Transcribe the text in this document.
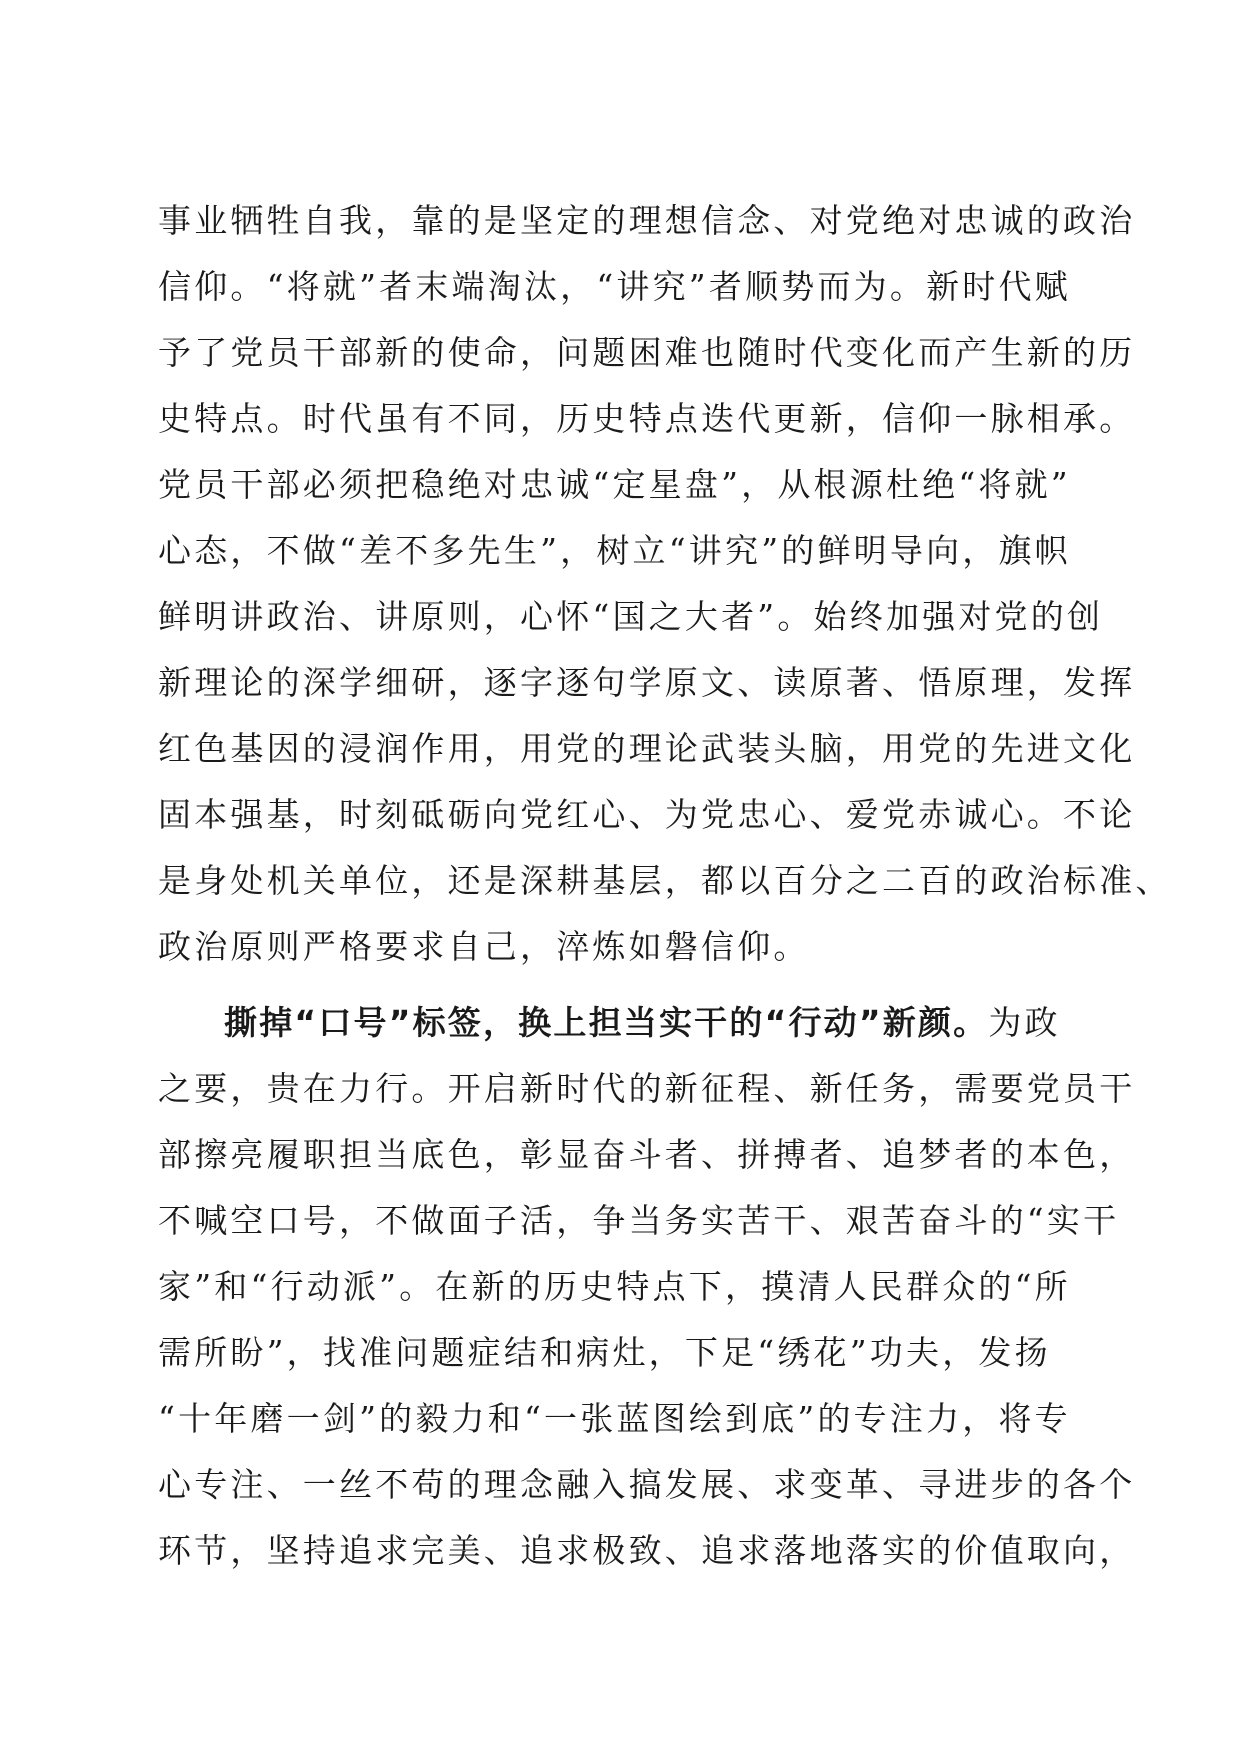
事业牺牲自我，靠的是坚定的理想信念、对党绝对忠诚的政治
信仰。“将就”者末端淘汰，“讲究”者顺势而为。新时代赋
予了党员干部新的使命，问题困难也随时代变化而产生新的历
史特点。时代虽有不同，历史特点迭代更新，信仰一脉相承。
党员干部必须把稳绝对忠诚“定星盘”，从根源杜绝“将就”
心态，不做“差不多先生”，树立“讲究”的鲜明导向，旗帜
鲜明讲政治、讲原则，心怀“国之大者”。始终加强对党的创
新理论的深学细研，逐字逐句学原文、读原著、悟原理，发挥
红色基因的浸润作用，用党的理论武装头脑，用党的先进文化
固本强基，时刻砥砺向党红心、为党忠心、爱党赤诚心。不论
是身处机关单位，还是深耕基层，都以百分之二百的政治标准、
政治原则严格要求自己，淬炼如磐信仰。
撕掉“口号”标签，换上担当实干的“行动”新颜。为政
之要，贵在力行。开启新时代的新征程、新任务，需要党员干
部擦亮履职担当底色，彰显奋斗者、拼搏者、追梦者的本色，
不喊空口号，不做面子活，争当务实苦干、艰苦奋斗的“实干
家”和“行动派”。在新的历史特点下，摸清人民群众的“所
需所盼”，找准问题症结和病灶，下足“绣花”功夫，发扬
“十年磨一剑”的毅力和“一张蓝图绘到底”的专注力，将专
心专注、一丝不苟的理念融入搞发展、求变革、寻进步的各个
环节，坚持追求完美、追求极致、追求落地落实的价值取向，
